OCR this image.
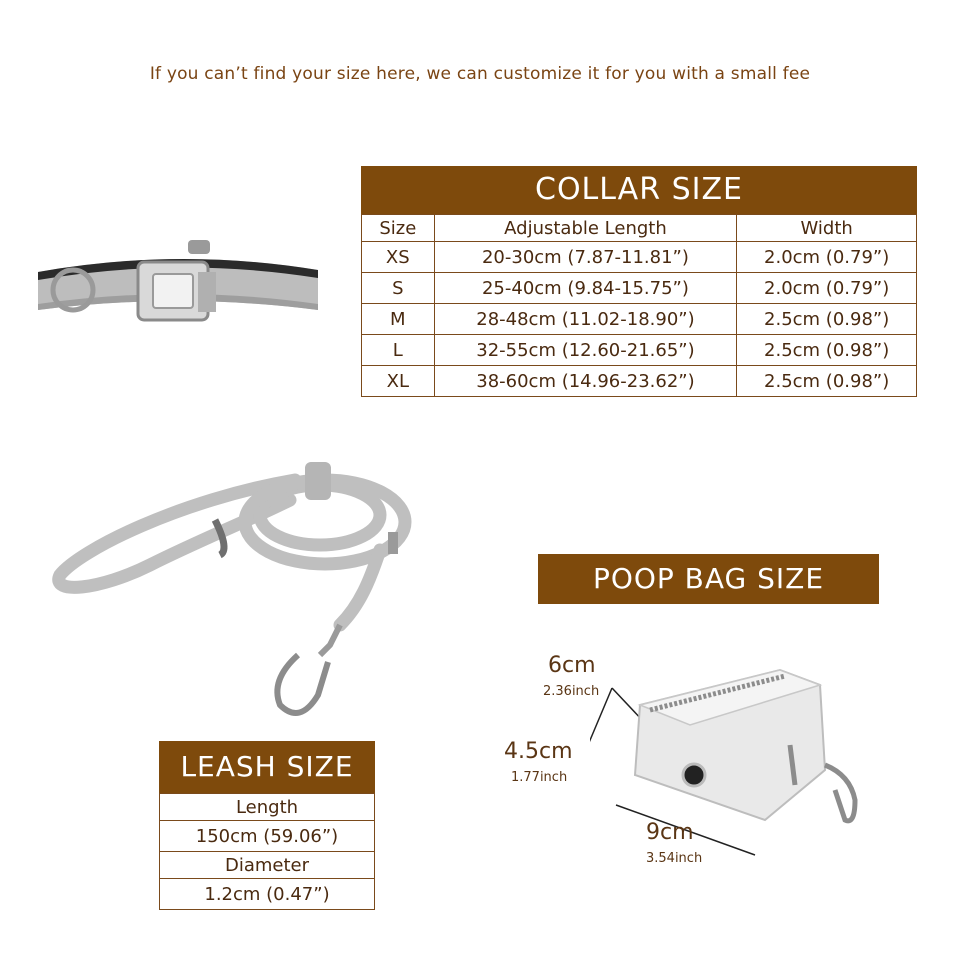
If you can’t find your size here, we can customize it for you with a small fee
COLLAR SIZE
Size	Adjustable Length	Width
XS	20-30cm (7.87-11.81”)	2.0cm (0.79”)
S	25-40cm (9.84-15.75”)	2.0cm (0.79”)
M	28-48cm (11.02-18.90”)	2.5cm (0.98”)
L	32-55cm (12.60-21.65”)	2.5cm (0.98”)
XL	38-60cm (14.96-23.62”)	2.5cm (0.98”)
LEASH SIZE
Length
150cm (59.06”)
Diameter
1.2cm (0.47”)
POOP BAG SIZE
6cm
2.36inch
4.5cm
1.77inch
9cm
3.54inch
